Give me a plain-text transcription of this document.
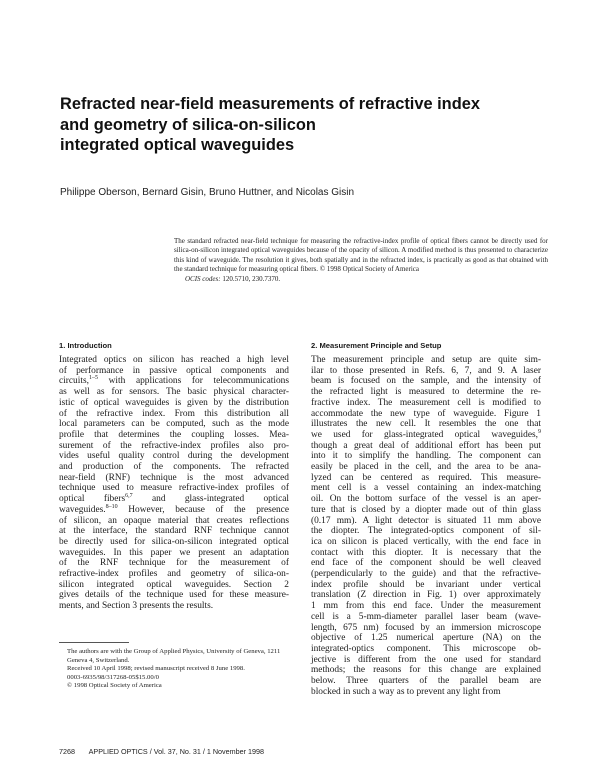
Refracted near-field measurements of refractive index
and geometry of silica-on-silicon
integrated optical waveguides
Philippe Oberson, Bernard Gisin, Bruno Huttner, and Nicolas Gisin
The standard refracted near-field technique for measuring the refractive-index profile of optical fibers cannot be directly used for silica-on-silicon integrated optical waveguides because of the opacity of silicon. A modified method is thus presented to characterize this kind of waveguide. The resolution it gives, both spatially and in the refracted index, is practically as good as that obtained with the standard technique for measuring optical fibers. © 1998 Optical Society of America
OCIS codes: 120.5710, 230.7370.
1. Introduction

Integrated optics on silicon has reached a high level
of performance in passive optical components and
circuits,$^{1-5}$ with applications for telecommunications
as well as for sensors. The basic physical character-
istic of optical waveguides is given by the distribution
of the refractive index. From this distribution all
local parameters can be computed, such as the mode
profile that determines the coupling losses. Mea-
surement of the refractive-index profiles also pro-
vides useful quality control during the development
and production of the components. The refracted
near-field (RNF) technique is the most advanced
technique used to measure refractive-index profiles of
optical fibers$^{6,7}$ and glass-integrated optical
waveguides.$^{8-10}$ However, because of the presence
of silicon, an opaque material that creates reflections
at the interface, the standard RNF technique cannot
be directly used for silica-on-silicon integrated optical
waveguides. In this paper we present an adaptation
of the RNF technique for the measurement of
refractive-index profiles and geometry of silica-on-
silicon integrated optical waveguides. Section 2
gives details of the technique used for these measure-
ments, and Section 3 presents the results.

2. Measurement Principle and Setup

The measurement principle and setup are quite sim-
ilar to those presented in Refs. 6, 7, and 9. A laser
beam is focused on the sample, and the intensity of
the refracted light is measured to determine the re-
fractive index. The measurement cell is modified to
accommodate the new type of waveguide. Figure 1
illustrates the new cell. It resembles the one that
we used for glass-integrated optical waveguides,$^9$
though a great deal of additional effort has been put
into it to simplify the handling. The component can
easily be placed in the cell, and the area to be ana-
lyzed can be centered as required. This measure-
ment cell is a vessel containing an index-matching
oil. On the bottom surface of the vessel is an aper-
ture that is closed by a diopter made out of thin glass
(0.17 mm). A light detector is situated 11 mm above
the diopter. The integrated-optics component of sil-
ica on silicon is placed vertically, with the end face in
contact with this diopter. It is necessary that the
end face of the component should be well cleaved
(perpendicularly to the guide) and that the refractive-
index profile should be invariant under vertical
translation (Z direction in Fig. 1) over approximately
1 mm from this end face. Under the measurement
cell is a 5-mm-diameter parallel laser beam (wave-
length, 675 nm) focused by an immersion microscope
objective of 1.25 numerical aperture (NA) on the
integrated-optics component. This microscope ob-
jective is different from the one used for standard
methods; the reasons for this change are explained
below. Three quarters of the parallel beam are
blocked in such a way as to prevent any light from

The authors are with the Group of Applied Physics, University of Geneva, 1211 Geneva 4, Switzerland.

Received 10 April 1998; revised manuscript received 8 June 1998.

0003-6935/98/317268-05$15.00/0

© 1998 Optical Society of America

7268 APPLIED OPTICS / Vol. 37, No. 31 / 1 November 1998
